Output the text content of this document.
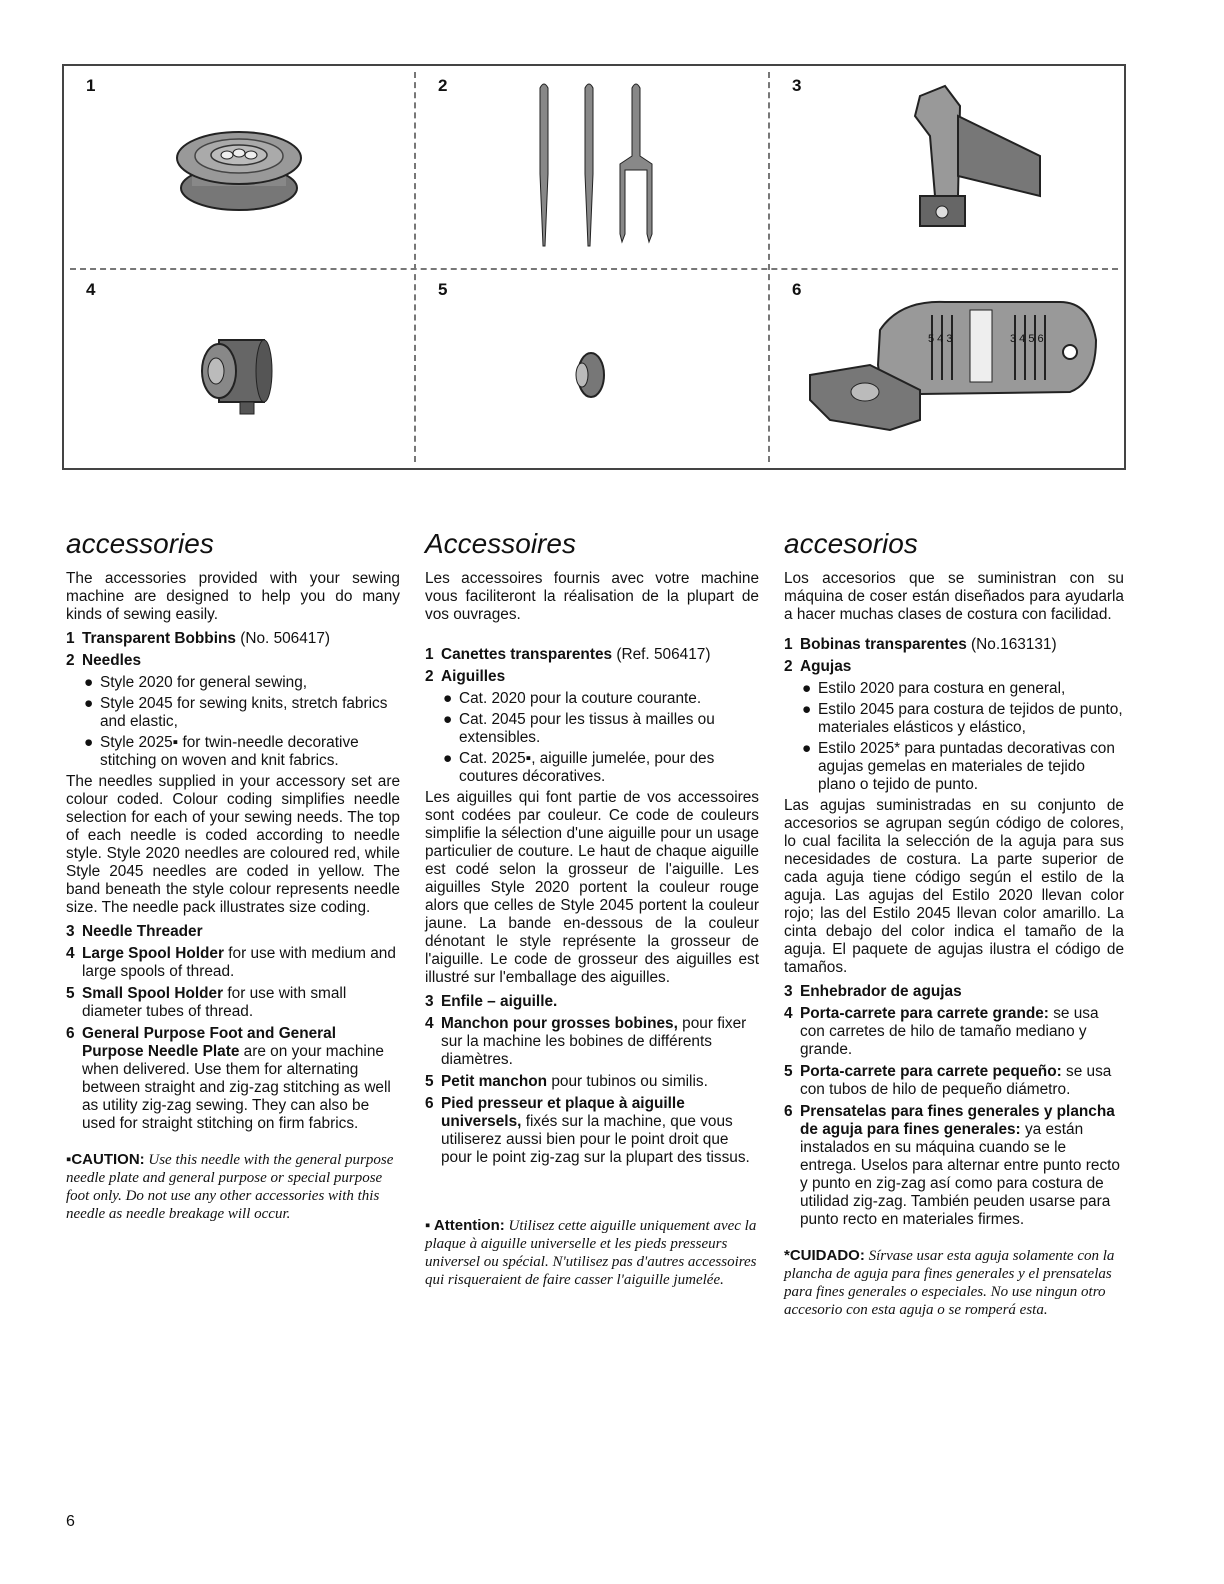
1	2	3
4	5	6
5 4 3	3 4 5 6
accessories

The accessories provided with your sewing machine are designed to help you do many kinds of sewing easily.

1 Transparent Bobbins (No. 506417)
2 Needles
● Style 2020 for general sewing,
● Style 2045 for sewing knits, stretch fabrics and elastic,
● Style 2025▪ for twin-needle decorative stitching on woven and knit fabrics.

The needles supplied in your accessory set are colour coded. Colour coding simplifies needle selection for each of your sewing needs. The top of each needle is coded according to needle style. Style 2020 needles are coloured red, while Style 2045 needles are coded in yellow. The band beneath the style colour represents needle size. The needle pack illustrates size coding.

3 Needle Threader
4 Large Spool Holder for use with medium and large spools of thread.
5 Small Spool Holder for use with small diameter tubes of thread.
6 General Purpose Foot and General Purpose Needle Plate are on your machine when delivered. Use them for alternating between straight and zig-zag stitching as well as utility zig-zag sewing. They can also be used for straight stitching on firm fabrics.
▪CAUTION: Use this needle with the general purpose needle plate and general purpose or special purpose foot only. Do not use any other accessories with this needle as needle breakage will occur.
Accessoires

Les accessoires fournis avec votre machine vous faciliteront la réalisation de la plupart de vos ouvrages.

1 Canettes transparentes (Ref. 506417)
2 Aiguilles
● Cat. 2020 pour la couture courante.
● Cat. 2045 pour les tissus à mailles ou extensibles.
● Cat. 2025▪, aiguille jumelée, pour des coutures décoratives.

Les aiguilles qui font partie de vos accessoires sont codées par couleur. Ce code de couleurs simplifie la sélection d'une aiguille pour un usage particulier de couture. Le haut de chaque aiguille est codé selon la grosseur de l'aiguille. Les aiguilles Style 2020 portent la couleur rouge alors que celles de Style 2045 portent la couleur jaune. La bande en-dessous de la couleur dénotant le style représente la grosseur de l'aiguille. Le code de grosseur des aiguilles est illustré sur l'emballage des aiguilles.

3 Enfile – aiguille.
4 Manchon pour grosses bobines, pour fixer sur la machine les bobines de différents diamètres.
5 Petit manchon pour tubinos ou similis.
6 Pied presseur et plaque à aiguille universels, fixés sur la machine, que vous utiliserez aussi bien pour le point droit que pour le point zig-zag sur la plupart des tissus.
▪ Attention: Utilisez cette aiguille uniquement avec la plaque à aiguille universelle et les pieds presseurs universel ou spécial. N'utilisez pas d'autres accessoires qui risqueraient de faire casser l'aiguille jumelée.
accesorios

Los accesorios que se suministran con su máquina de coser están diseñados para ayudarla a hacer muchas clases de costura con facilidad.

1 Bobinas transparentes (No.163131)
2 Agujas
● Estilo 2020 para costura en general,
● Estilo 2045 para costura de tejidos de punto, materiales elásticos y elástico,
● Estilo 2025* para puntadas decorativas con agujas gemelas en materiales de tejido plano o tejido de punto.

Las agujas suministradas en su conjunto de accesorios se agrupan según código de colores, lo cual facilita la selección de la aguja para sus necesidades de costura. La parte superior de cada aguja tiene código según el estilo de la aguja. Las agujas del Estilo 2020 llevan color rojo; las del Estilo 2045 llevan color amarillo. La cinta debajo del color indica el tamaño de la aguja. El paquete de agujas ilustra el código de tamaños.

3 Enhebrador de agujas
4 Porta-carrete para carrete grande: se usa con carretes de hilo de tamaño mediano y grande.
5 Porta-carrete para carrete pequeño: se usa con tubos de hilo de pequeño diámetro.
6 Prensatelas para fines generales y plancha de aguja para fines generales: ya están instalados en su máquina cuando se le entrega. Uselos para alternar entre punto recto y punto en zig-zag así como para costura de utilidad zig-zag. También peuden usarse para punto recto en materiales firmes.
*CUIDADO: Sírvase usar esta aguja solamente con la plancha de aguja para fines generales y el prensatelas para fines generales o especiales. No use ningun otro accesorio con esta aguja o se romperá esta.
6
